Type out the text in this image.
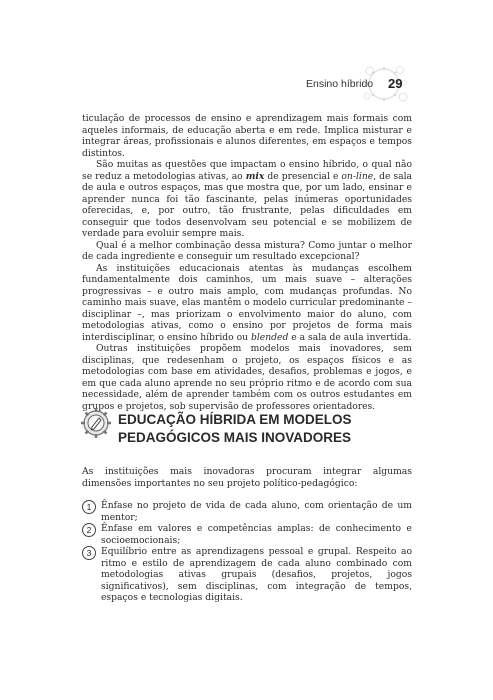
Ensino híbrido 29

ticulação de processos de ensino e aprendizagem mais formais com aqueles informais, de educação aberta e em rede. Implica misturar e integrar áreas, profissionais e alunos diferentes, em espaços e tempos distintos.

São muitas as questões que impactam o ensino híbrido, o qual não se reduz a metodologias ativas, ao mix de presencial e on-line, de sala de aula e outros espaços, mas que mostra que, por um lado, ensinar e aprender nunca foi tão fascinante, pelas inúmeras oportunidades oferecidas, e, por outro, tão frustrante, pelas dificuldades em conseguir que todos desenvolvam seu potencial e se mobilizem de verdade para evoluir sempre mais.

Qual é a melhor combinação dessa mistura? Como juntar o melhor de cada ingrediente e conseguir um resultado excepcional?

As instituições educacionais atentas às mudanças escolhem fundamentalmente dois caminhos, um mais suave – alterações progressivas – e outro mais amplo, com mudanças profundas. No caminho mais suave, elas mantêm o modelo curricular predominante – disciplinar –, mas priorizam o envolvimento maior do aluno, com metodologias ativas, como o ensino por projetos de forma mais interdisciplinar, o ensino híbrido ou blended e a sala de aula invertida.

Outras instituições propõem modelos mais inovadores, sem disciplinas, que redesenham o projeto, os espaços físicos e as metodologias com base em atividades, desafios, problemas e jogos, e em que cada aluno aprende no seu próprio ritmo e de acordo com sua necessidade, além de aprender também com os outros estudantes em grupos e projetos, sob supervisão de professores orientadores.

EDUCAÇÃO HÍBRIDA EM MODELOS
PEDAGÓGICOS MAIS INOVADORES
As instituições mais inovadoras procuram integrar algumas dimensões importantes no seu projeto político-pedagógico:
1	Ênfase no projeto de vida de cada aluno, com orientação de um mentor;
2	Ênfase em valores e competências amplas: de conhecimento e socioemocionais;
3	Equilíbrio entre as aprendizagens pessoal e grupal. Respeito ao ritmo e estilo de aprendizagem de cada aluno combinado com metodologias ativas grupais (desafios, projetos, jogos significativos), sem disciplinas, com integração de tempos, espaços e tecnologias digitais.
